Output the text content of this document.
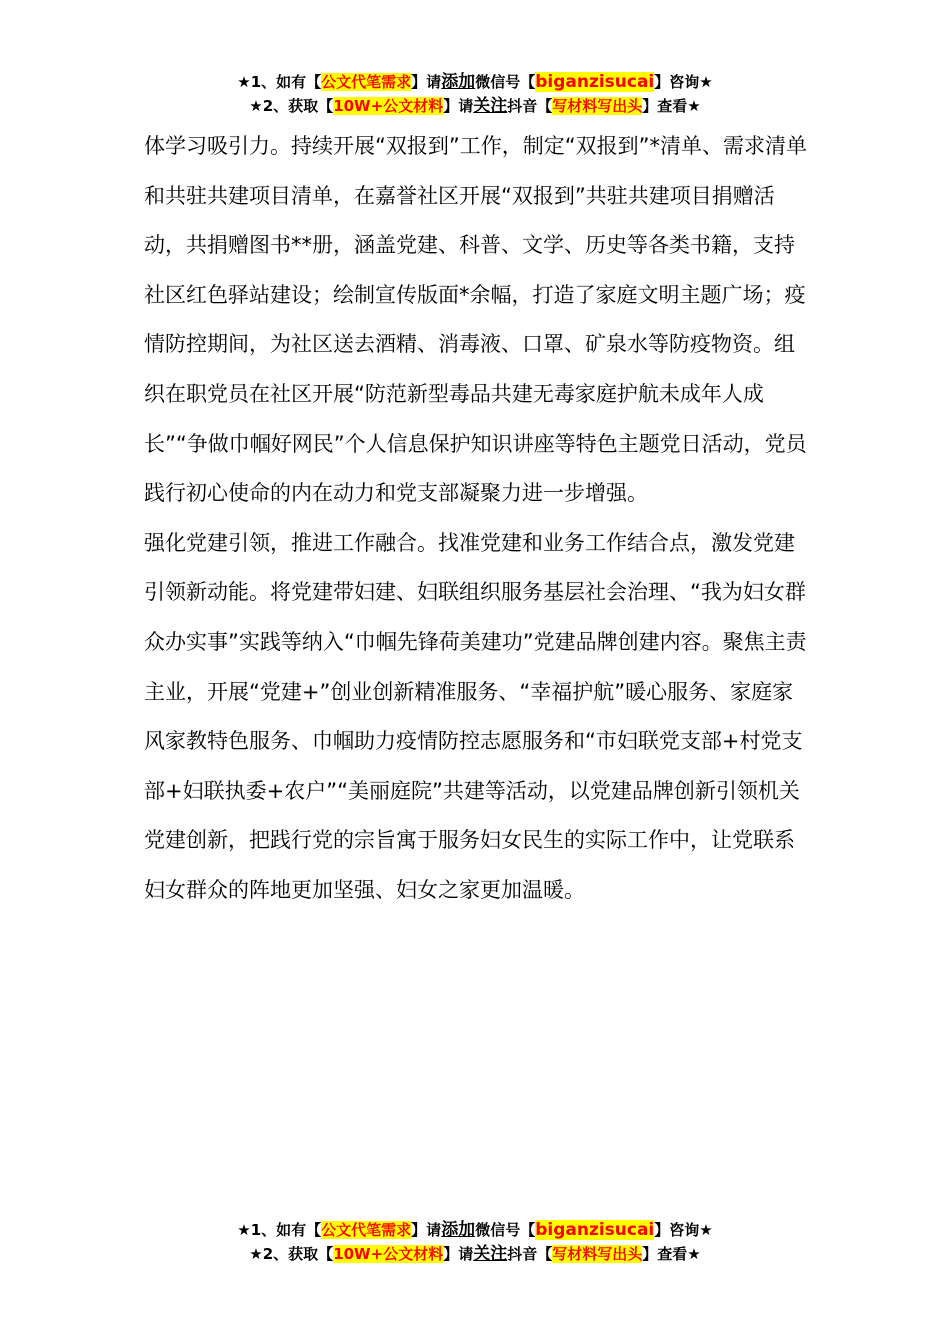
★1、如有【公文代笔需求】请添加微信号【biganzisucai】咨询★
★2、获取【10W+公文材料】请关注抖音【写材料写出头】查看★

体学习吸引力。持续开展“双报到”工作，制定“双报到”*清单、需求清单和共驻共建项目清单，在嘉誉社区开展“双报到”共驻共建项目捐赠活动，共捐赠图书**册，涵盖党建、科普、文学、历史等各类书籍，支持社区红色驿站建设；绘制宣传版面*余幅，打造了家庭文明主题广场；疫情防控期间，为社区送去酒精、消毒液、口罩、矿泉水等防疫物资。组织在职党员在社区开展“防范新型毒品共建无毒家庭护航未成年人成长”“争做巾帼好网民”个人信息保护知识讲座等特色主题党日活动，党员践行初心使命的内在动力和党支部凝聚力进一步增强。

强化党建引领，推进工作融合。找准党建和业务工作结合点，激发党建引领新动能。将党建带妇建、妇联组织服务基层社会治理、“我为妇女群众办实事”实践等纳入“巾帼先锋荷美建功”党建品牌创建内容。聚焦主责主业，开展“党建+”创业创新精准服务、“幸福护航”暖心服务、家庭家风家教特色服务、巾帼助力疫情防控志愿服务和“市妇联党支部+村党支部+妇联执委+农户”“美丽庭院”共建等活动，以党建品牌创新引领机关党建创新，把践行党的宗旨寓于服务妇女民生的实际工作中，让党联系妇女群众的阵地更加坚强、妇女之家更加温暖。

★1、如有【公文代笔需求】请添加微信号【biganzisucai】咨询★
★2、获取【10W+公文材料】请关注抖音【写材料写出头】查看★
